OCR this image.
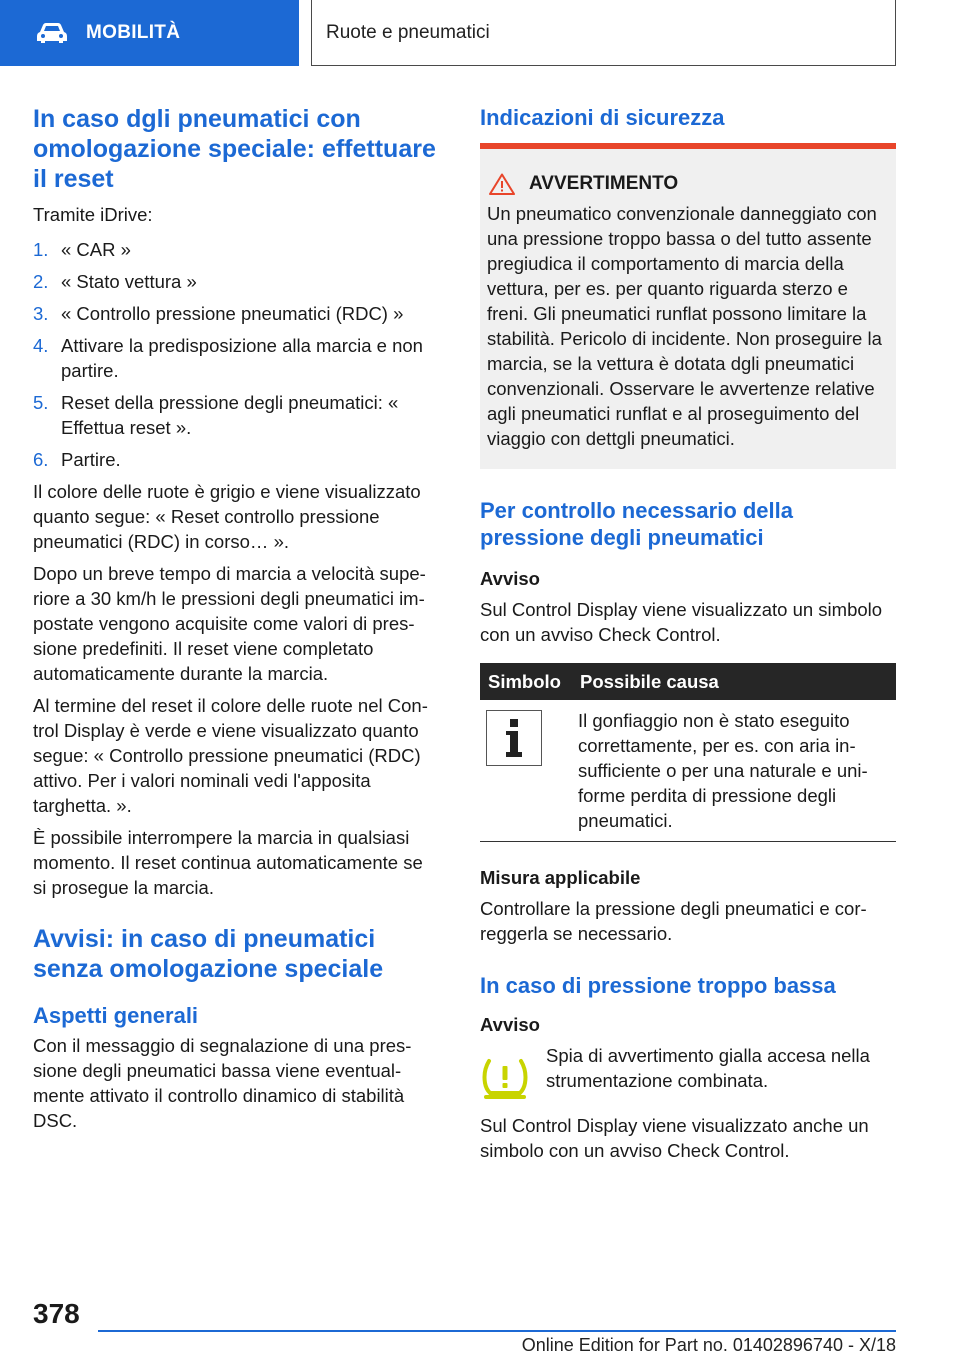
MOBILITÀ	Ruote e pneumatici
In caso dgli pneumatici con omologazione speciale: effettuare il reset

Tramite iDrive:

1. « CAR »
2. « Stato vettura »
3. « Controllo pressione pneumatici (RDC) »
4. Attivare la predisposizione alla marcia e non partire.
5. Reset della pressione degli pneumatici: « Effettua reset ».
6. Partire.

Il colore delle ruote è grigio e viene visualizzato quanto segue: « Reset controllo pressione pneumatici (RDC) in corso… ».

Dopo un breve tempo di marcia a velocità superiore a 30 km/h le pressioni degli pneumatici impostate vengono acquisite come valori di pressione predefiniti. Il reset viene completato automaticamente durante la marcia.

Al termine del reset il colore delle ruote nel Control Display è verde e viene visualizzato quanto segue: « Controllo pressione pneumatici (RDC) attivo. Per i valori nominali vedi l'apposita targhetta. ».

È possibile interrompere la marcia in qualsiasi momento. Il reset continua automaticamente se si prosegue la marcia.

Avvisi: in caso di pneumatici senza omologazione speciale
Aspetti generali

Con il messaggio di segnalazione di una pressione degli pneumatici bassa viene eventualmente attivato il controllo dinamico di stabilità DSC.

Indicazioni di sicurezza
AVVERTIMENTO

Un pneumatico convenzionale danneggiato con una pressione troppo bassa o del tutto assente pregiudica il comportamento di marcia della vettura, per es. per quanto riguarda sterzo e freni. Gli pneumatici runflat possono limitare la stabilità. Pericolo di incidente. Non proseguire la marcia, se la vettura è dotata dgli pneumatici convenzionali. Osservare le avvertenze relative agli pneumatici runflat e al proseguimento del viaggio con dettgli pneumatici.

Per controllo necessario della pressione degli pneumatici
Avviso

Sul Control Display viene visualizzato un simbolo con un avviso Check Control.

Simbolo	Possibile causa

	Il gonfiaggio non è stato eseguito correttamente, per es. con aria insufficiente o per una naturale e uniforme perdita di pressione degli pneumatici.
Misura applicabile

Controllare la pressione degli pneumatici e correggerla se necessario.

In caso di pressione troppo bassa
Avviso

Spia di avvertimento gialla accesa nella strumentazione combinata.

Sul Control Display viene visualizzato anche un simbolo con un avviso Check Control.

378
Online Edition for Part no. 01402896740 - X/18
